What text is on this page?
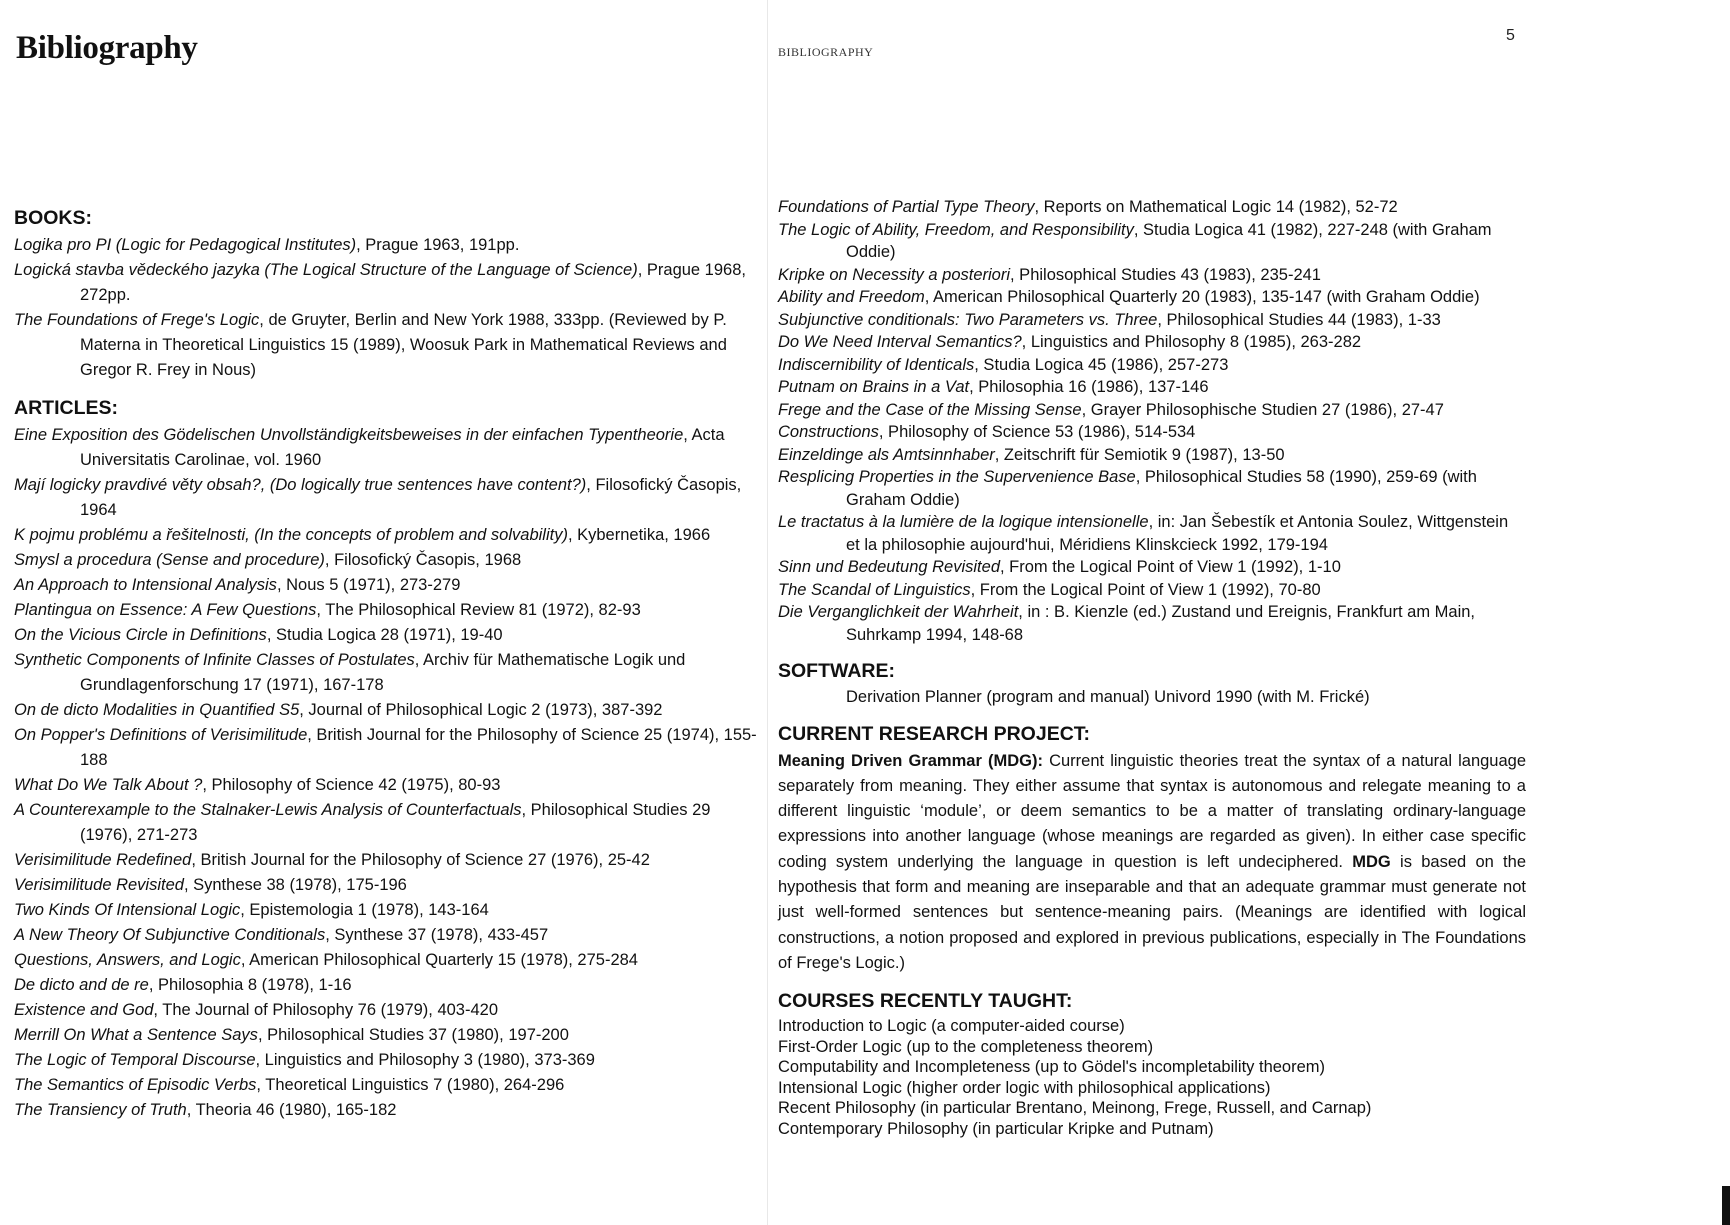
Bibliography	BIBLIOGRAPHY
5
BOOKS:

Logika pro PI (Logic for Pedagogical Institutes), Prague 1963, 191pp.

Logická stavba vědeckého jazyka (The Logical Structure of the Language of Science), Prague 1968, 272pp.

The Foundations of Frege's Logic, de Gruyter, Berlin and New York 1988, 333pp. (Reviewed by P. Materna in Theoretical Linguistics 15 (1989), Woosuk Park in Mathematical Reviews and Gregor R. Frey in Nous)

ARTICLES:

Eine Exposition des Gödelischen Unvollständigkeitsbeweises in der einfachen Typentheorie, Acta Universitatis Carolinae, vol. 1960

Mají logicky pravdivé věty obsah?, (Do logically true sentences have content?), Filosofický Časopis, 1964

K pojmu problému a řešitelnosti, (In the concepts of problem and solvability), Kybernetika, 1966

Smysl a procedura (Sense and procedure), Filosofický Časopis, 1968

An Approach to Intensional Analysis, Nous 5 (1971), 273-279

Plantingua on Essence: A Few Questions, The Philosophical Review 81 (1972), 82-93

On the Vicious Circle in Definitions, Studia Logica 28 (1971), 19-40

Synthetic Components of Infinite Classes of Postulates, Archiv für Mathematische Logik und Grundlagenforschung 17 (1971), 167-178

On de dicto Modalities in Quantified S5, Journal of Philosophical Logic 2 (1973), 387-392

On Popper's Definitions of Verisimilitude, British Journal for the Philosophy of Science 25 (1974), 155-188

What Do We Talk About ?, Philosophy of Science 42 (1975), 80-93

A Counterexample to the Stalnaker-Lewis Analysis of Counterfactuals, Philosophical Studies 29 (1976), 271-273

Verisimilitude Redefined, British Journal for the Philosophy of Science 27 (1976), 25-42

Verisimilitude Revisited, Synthese 38 (1978), 175-196

Two Kinds Of Intensional Logic, Epistemologia 1 (1978), 143-164

A New Theory Of Subjunctive Conditionals, Synthese 37 (1978), 433-457

Questions, Answers, and Logic, American Philosophical Quarterly 15 (1978), 275-284

De dicto and de re, Philosophia 8 (1978), 1-16

Existence and God, The Journal of Philosophy 76 (1979), 403-420

Merrill On What a Sentence Says, Philosophical Studies 37 (1980), 197-200

The Logic of Temporal Discourse, Linguistics and Philosophy 3 (1980), 373-369

The Semantics of Episodic Verbs, Theoretical Linguistics 7 (1980), 264-296

The Transiency of Truth, Theoria 46 (1980), 165-182

Foundations of Partial Type Theory, Reports on Mathematical Logic 14 (1982), 52-72

The Logic of Ability, Freedom, and Responsibility, Studia Logica 41 (1982), 227-248 (with Graham Oddie)

Kripke on Necessity a posteriori, Philosophical Studies 43 (1983), 235-241

Ability and Freedom, American Philosophical Quarterly 20 (1983), 135-147 (with Graham Oddie)

Subjunctive conditionals: Two Parameters vs. Three, Philosophical Studies 44 (1983), 1-33

Do We Need Interval Semantics?, Linguistics and Philosophy 8 (1985), 263-282

Indiscernibility of Identicals, Studia Logica 45 (1986), 257-273

Putnam on Brains in a Vat, Philosophia 16 (1986), 137-146

Frege and the Case of the Missing Sense, Grayer Philosophische Studien 27 (1986), 27-47

Constructions, Philosophy of Science 53 (1986), 514-534

Einzeldinge als Amtsinnhaber, Zeitschrift für Semiotik 9 (1987), 13-50

Resplicing Properties in the Supervenience Base, Philosophical Studies 58 (1990), 259-69 (with Graham Oddie)

Le tractatus à la lumière de la logique intensionelle, in: Jan Šebestík et Antonia Soulez, Wittgenstein et la philosophie aujourd'hui, Méridiens Klinskcieck 1992, 179-194

Sinn und Bedeutung Revisited, From the Logical Point of View 1 (1992), 1-10

The Scandal of Linguistics, From the Logical Point of View 1 (1992), 70-80

Die Verganglichkeit der Wahrheit, in : B. Kienzle (ed.) Zustand und Ereignis, Frankfurt am Main, Suhrkamp 1994, 148-68

SOFTWARE:

Derivation Planner (program and manual) Univord 1990 (with M. Frické)

CURRENT RESEARCH PROJECT:

Meaning Driven Grammar (MDG): Current linguistic theories treat the syntax of a natural language separately from meaning. They either assume that syntax is autonomous and relegate meaning to a different linguistic ‘module’, or deem semantics to be a matter of translating ordinary-language expressions into another language (whose meanings are regarded as given). In either case specific coding system underlying the language in question is left undeciphered. MDG is based on the hypothesis that form and meaning are inseparable and that an adequate grammar must generate not just well-formed sentences but sentence-meaning pairs. (Meanings are identified with logical constructions, a notion proposed and explored in previous publications, especially in The Foundations of Frege's Logic.)

COURSES RECENTLY TAUGHT:
Introduction to Logic (a computer-aided course)
First-Order Logic (up to the completeness theorem)
Computability and Incompleteness (up to Gödel's incompletability theorem)
Intensional Logic (higher order logic with philosophical applications)
Recent Philosophy (in particular Brentano, Meinong, Frege, Russell, and Carnap)
Contemporary Philosophy (in particular Kripke and Putnam)
